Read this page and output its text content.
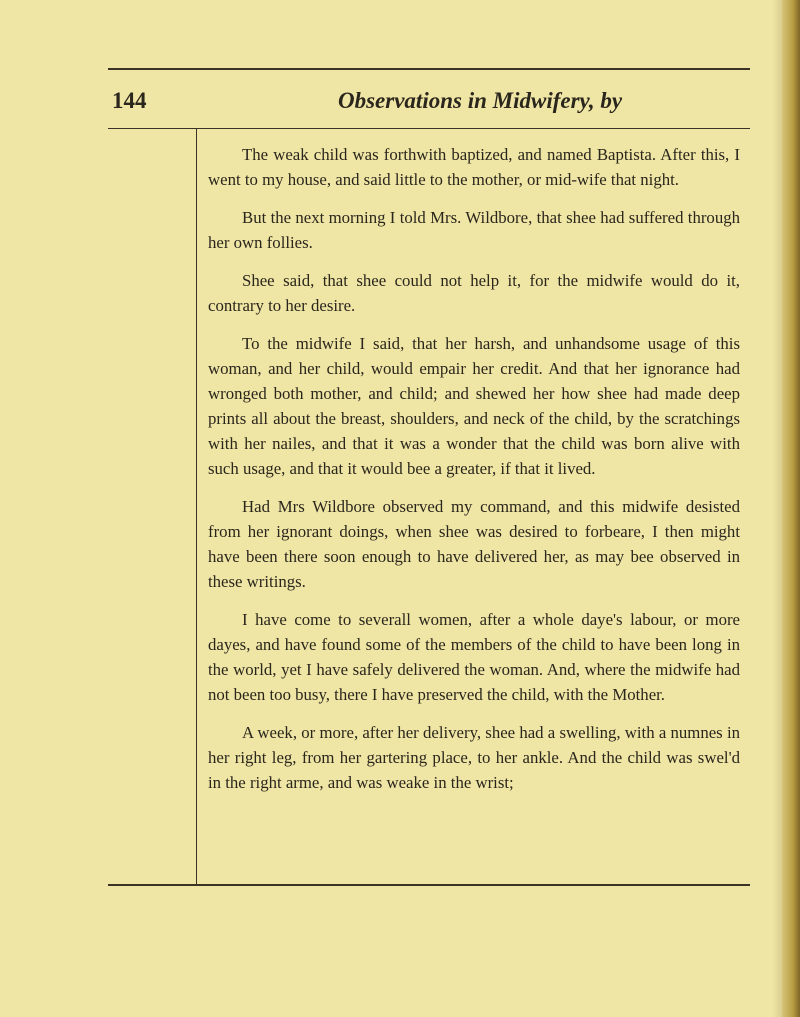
144	Observations in Midwifery, by

The weak child was forthwith baptized, and named Baptista. After this, I went to my house, and said little to the mother, or mid-wife that night.

But the next morning I told Mrs. Wildbore, that shee had suffered through her own follies.

Shee said, that shee could not help it, for the midwife would do it, contrary to her desire.

To the midwife I said, that her harsh, and unhandsome usage of this woman, and her child, would empair her credit. And that her ignorance had wronged both mother, and child; and shewed her how shee had made deep prints all about the breast, shoulders, and neck of the child, by the scratchings with her nailes, and that it was a wonder that the child was born alive with such usage, and that it would bee a greater, if that it lived.

Had Mrs Wildbore observed my command, and this midwife desisted from her ignorant doings, when shee was desired to forbeare, I then might have been there soon enough to have delivered her, as may bee observed in these writings.

I have come to severall women, after a whole daye's labour, or more dayes, and have found some of the members of the child to have been long in the world, yet I have safely delivered the woman. And, where the midwife had not been too busy, there I have preserved the child, with the Mother.

A week, or more, after her delivery, shee had a swelling, with a numnes in her right leg, from her gartering place, to her ankle. And the child was swel'd in the right arme, and was weake in the wrist;
